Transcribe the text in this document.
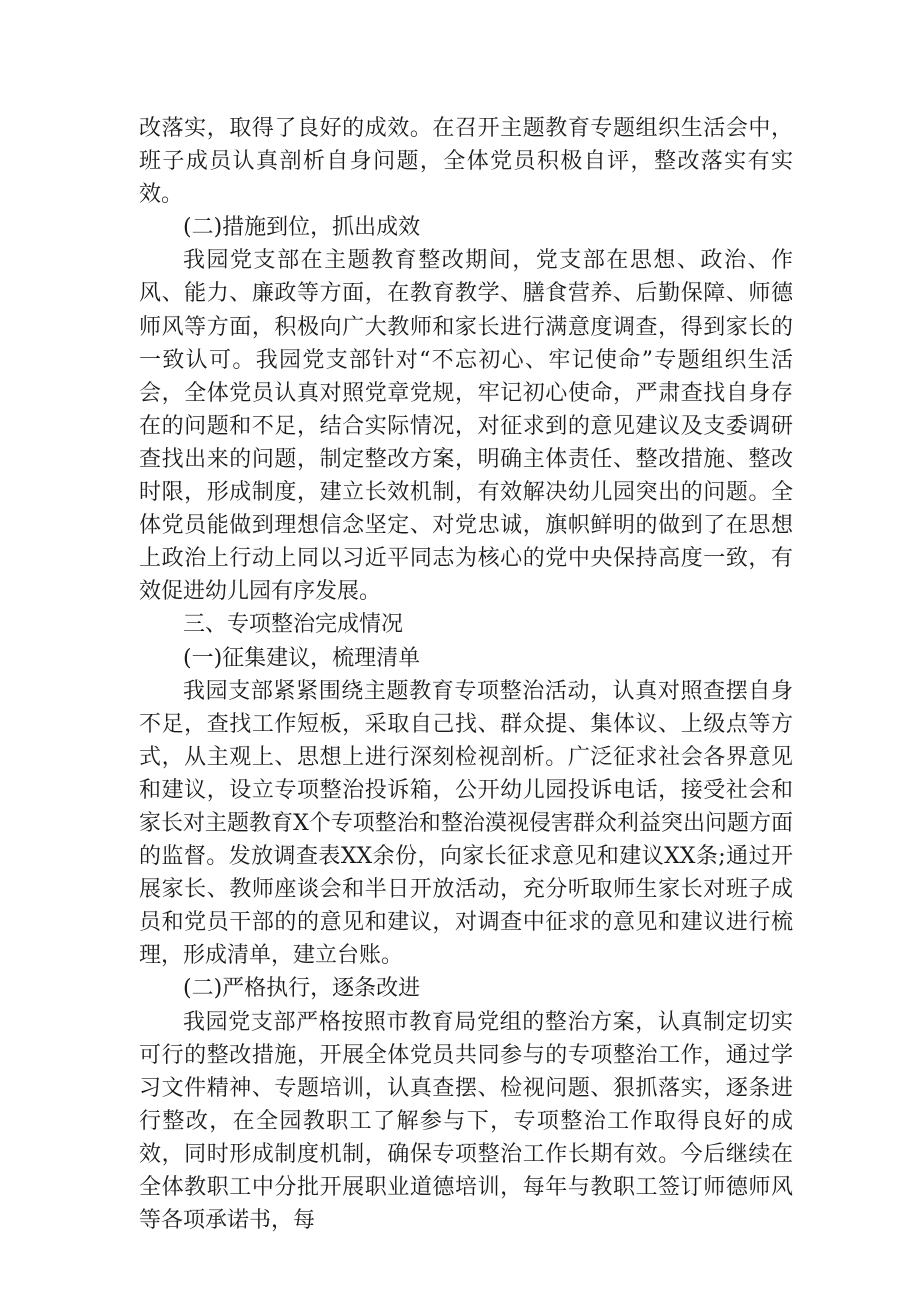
改落实，取得了良好的成效。在召开主题教育专题组织生活会中，班子成员认真剖析自身问题，全体党员积极自评，整改落实有实效。

(二)措施到位，抓出成效

我园党支部在主题教育整改期间，党支部在思想、政治、作风、能力、廉政等方面，在教育教学、膳食营养、后勤保障、师德师风等方面，积极向广大教师和家长进行满意度调查，得到家长的一致认可。我园党支部针对“不忘初心、牢记使命”专题组织生活会，全体党员认真对照党章党规，牢记初心使命，严肃查找自身存在的问题和不足，结合实际情况，对征求到的意见建议及支委调研查找出来的问题，制定整改方案，明确主体责任、整改措施、整改时限，形成制度，建立长效机制，有效解决幼儿园突出的问题。全体党员能做到理想信念坚定、对党忠诚，旗帜鲜明的做到了在思想上政治上行动上同以习近平同志为核心的党中央保持高度一致，有效促进幼儿园有序发展。

三、专项整治完成情况

(一)征集建议，梳理清单

我园支部紧紧围绕主题教育专项整治活动，认真对照查摆自身不足，查找工作短板，采取自己找、群众提、集体议、上级点等方式，从主观上、思想上进行深刻检视剖析。广泛征求社会各界意见和建议，设立专项整治投诉箱，公开幼儿园投诉电话，接受社会和家长对主题教育X个专项整治和整治漠视侵害群众利益突出问题方面的监督。发放调查表XX余份，向家长征求意见和建议XX条;通过开展家长、教师座谈会和半日开放活动，充分听取师生家长对班子成员和党员干部的的意见和建议，对调查中征求的意见和建议进行梳理，形成清单，建立台账。

(二)严格执行，逐条改进

我园党支部严格按照市教育局党组的整治方案，认真制定切实可行的整改措施，开展全体党员共同参与的专项整治工作，通过学习文件精神、专题培训，认真查摆、检视问题、狠抓落实，逐条进行整改，在全园教职工了解参与下，专项整治工作取得良好的成效，同时形成制度机制，确保专项整治工作长期有效。今后继续在全体教职工中分批开展职业道德培训，每年与教职工签订师德师风等各项承诺书，每
